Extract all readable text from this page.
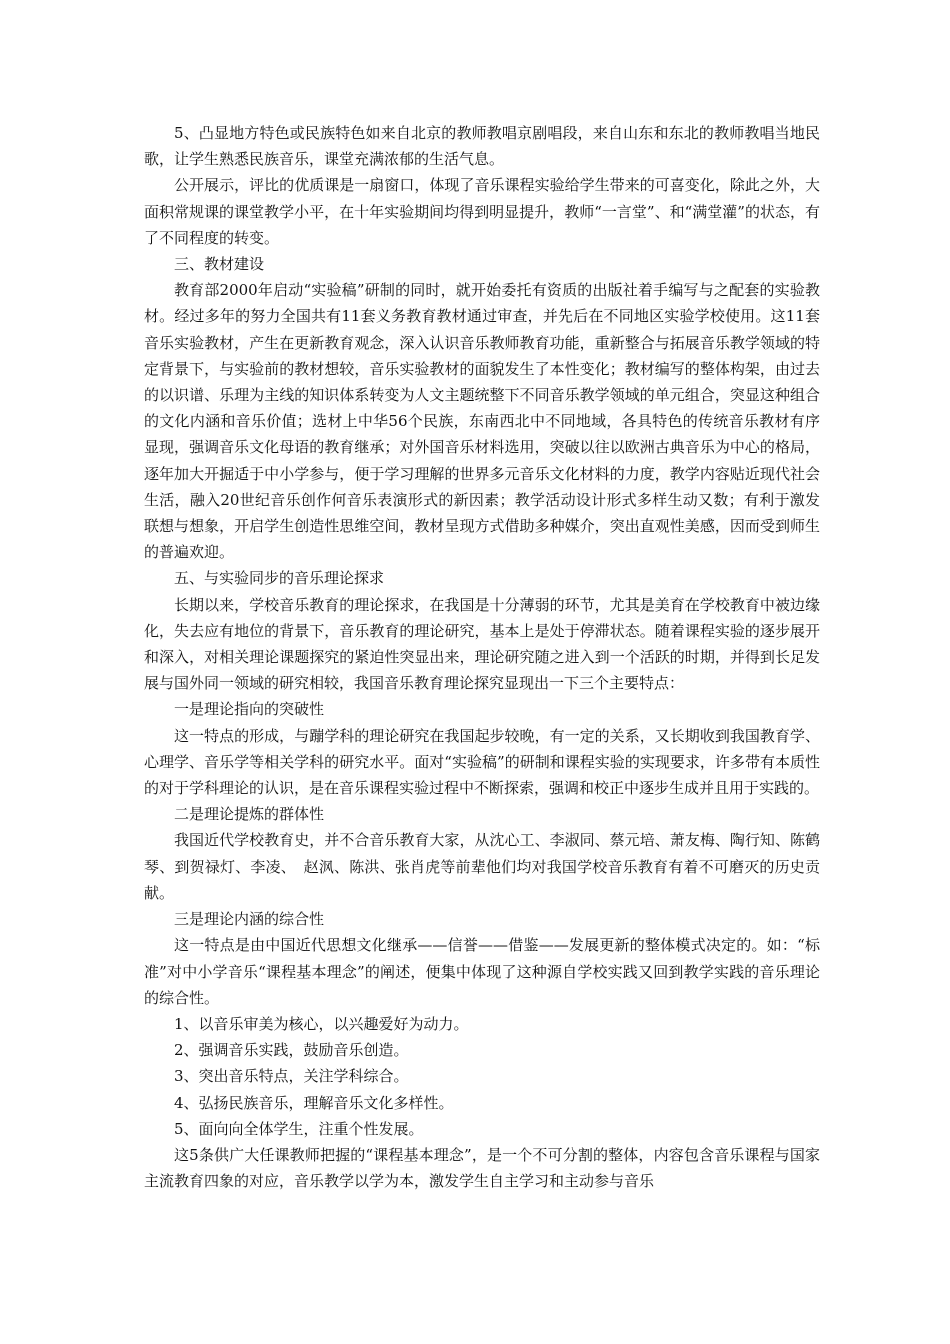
5、凸显地方特色或民族特色如来自北京的教师教唱京剧唱段，来自山东和东北的教师教唱当地民歌，让学生熟悉民族音乐，课堂充满浓郁的生活气息。

公开展示，评比的优质课是一扇窗口，体现了音乐课程实验给学生带来的可喜变化，除此之外，大面积常规课的课堂教学小平，在十年实验期间均得到明显提升，教师“一言堂”、和“满堂灌”的状态，有了不同程度的转变。

三、教材建设

教育部2000年启动“实验稿”研制的同时，就开始委托有资质的出版社着手编写与之配套的实验教材。经过多年的努力全国共有11套义务教育教材通过审查，并先后在不同地区实验学校使用。这11套音乐实验教材，产生在更新教育观念，深入认识音乐教师教育功能，重新整合与拓展音乐教学领域的特定背景下，与实验前的教材想较，音乐实验教材的面貌发生了本性变化；教材编写的整体构架，由过去的以识谱、乐理为主线的知识体系转变为人文主题统整下不同音乐教学领域的单元组合，突显这种组合的文化内涵和音乐价值；选材上中华56个民族，东南西北中不同地域，各具特色的传统音乐教材有序显现，强调音乐文化母语的教育继承；对外国音乐材料选用，突破以往以欧洲古典音乐为中心的格局，逐年加大开掘适于中小学参与，便于学习理解的世界多元音乐文化材料的力度，教学内容贴近现代社会生活，融入20世纪音乐创作何音乐表演形式的新因素；教学活动设计形式多样生动又数；有利于激发联想与想象，开启学生创造性思维空间，教材呈现方式借助多种媒介，突出直观性美感，因而受到师生的普遍欢迎。

五、与实验同步的音乐理论探求

长期以来，学校音乐教育的理论探求，在我国是十分薄弱的环节，尤其是美育在学校教育中被边缘化，失去应有地位的背景下，音乐教育的理论研究，基本上是处于停滞状态。随着课程实验的逐步展开和深入，对相关理论课题探究的紧迫性突显出来，理论研究随之进入到一个活跃的时期，并得到长足发展与国外同一领域的研究相较，我国音乐教育理论探究显现出一下三个主要特点：

一是理论指向的突破性

这一特点的形成，与蹦学科的理论研究在我国起步较晚，有一定的关系，又长期收到我国教育学、心理学、音乐学等相关学科的研究水平。面对“实验稿”的研制和课程实验的实现要求，许多带有本质性的对于学科理论的认识，是在音乐课程实验过程中不断探索，强调和校正中逐步生成并且用于实践的。

二是理论提炼的群体性

我国近代学校教育史，并不合音乐教育大家，从沈心工、李淑同、蔡元培、萧友梅、陶行知、陈鹤琴、到贺禄灯、李凌、　赵沨、陈洪、张肖虎等前辈他们均对我国学校音乐教育有着不可磨灭的历史贡献。

三是理论内涵的综合性

这一特点是由中国近代思想文化继承——信誉——借鉴——发展更新的整体模式决定的。如：“标准”对中小学音乐“课程基本理念”的阐述，便集中体现了这种源自学校实践又回到教学实践的音乐理论的综合性。

1、以音乐审美为核心，以兴趣爱好为动力。

2、强调音乐实践，鼓励音乐创造。

3、突出音乐特点，关注学科综合。

4、弘扬民族音乐，理解音乐文化多样性。

5、面向向全体学生，注重个性发展。

这5条供广大任课教师把握的“课程基本理念”，是一个不可分割的整体，内容包含音乐课程与国家主流教育四象的对应，音乐教学以学为本，激发学生自主学习和主动参与音乐
